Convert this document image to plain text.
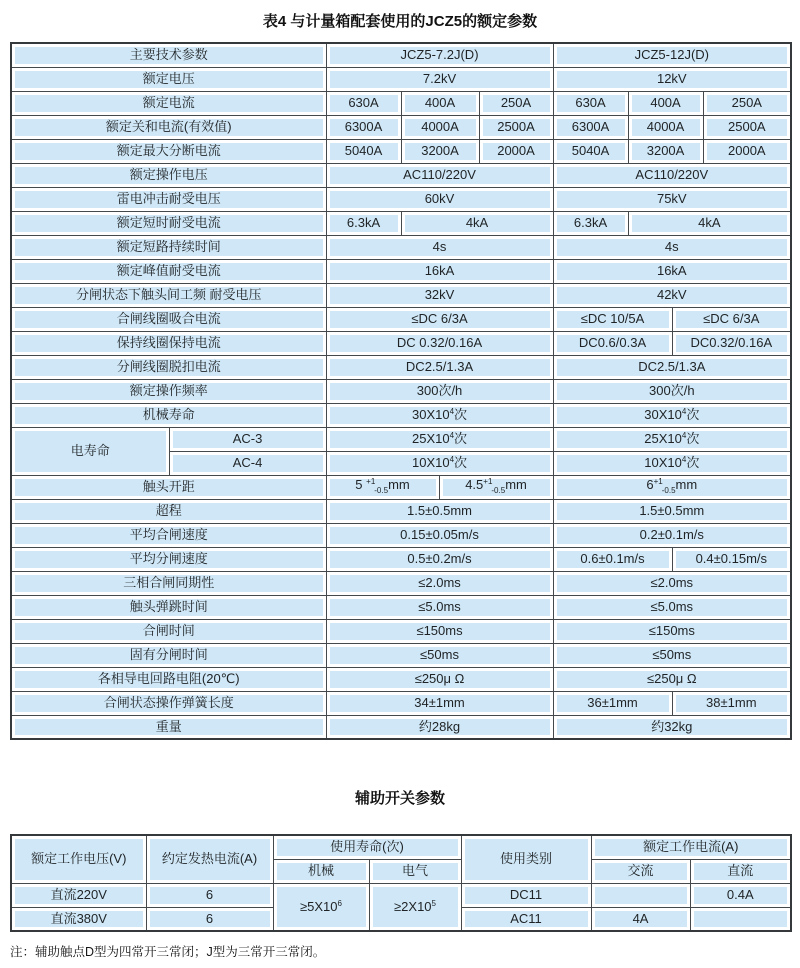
表4 与计量箱配套使用的JCZ5的额定参数
主要技术参数		JCZ5-7.2J(D)				JCZ5-12J(D)			
额定电压		7.2kV				12kV			
额定电流		630A	400A		250A	630A	400A		250A
额定关和电流(有效值)		6300A	4000A		2500A	6300A	4000A		2500A
额定最大分断电流		5040A	3200A		2000A	5040A	3200A		2000A
额定操作电压		AC110/220V				AC110/220V			
雷电冲击耐受电压		60kV				75kV			
额定短时耐受电流		6.3kA	4kA			6.3kA	4kA		
额定短路持续时间		4s				4s			
额定峰值耐受电流		16kA				16kA			
分闸状态下触头间工频 耐受电压		32kV				42kV			
合闸线圈吸合电流		≤DC 6/3A				≤DC 10/5A		≤DC 6/3A	
保持线圈保持电流		DC 0.32/0.16A				DC0.6/0.3A		DC0.32/0.16A	
分闸线圈脱扣电流		DC2.5/1.3A				DC2.5/1.3A			
额定操作频率		300次/h				300次/h			
机械寿命		$30X10^4$次				$30X10^4$次			
电寿命	AC-3	$25X10^4$次				$25X10^4$次			
	AC-4	$10X10^4$次				$10X10^4$次			
触头开距		5 $^{+1}_{-0.5}$mm		$4.5^{+1}_{-0.5}mm$		$6^{+1}_{-0.5}mm$			
超程		1.5±0.5mm				1.5±0.5mm			
平均合闸速度		0.15±0.05m/s				0.2±0.1m/s			
平均分闸速度		0.5±0.2m/s				0.6±0.1m/s		0.4±0.15m/s	
三相合闸同期性		≤2.0ms				≤2.0ms			
触头弹跳时间		≤5.0ms				≤5.0ms			
合闸时间		≤150ms				≤150ms			
固有分闸时间		≤50ms				≤50ms			
各相导电回路电阻(20℃)		≤250μ Ω				≤250μ Ω			
合闸状态操作弹簧长度		34±1mm				36±1mm		38±1mm	
重量		约28kg				约32kg			
辅助开关参数
额定工作电压(V)	约定发热电流(A)	使用寿命(次)		使用类别	额定工作电流(A)	
		机械	电气		交流	直流
直流220V	6	$\ge 5X10^6$	$\ge 2X10^5$	DC11		0.4A
直流380V	6			AC11	4A	

注：辅助触点D型为四常开三常闭；J型为三常开三常闭。
